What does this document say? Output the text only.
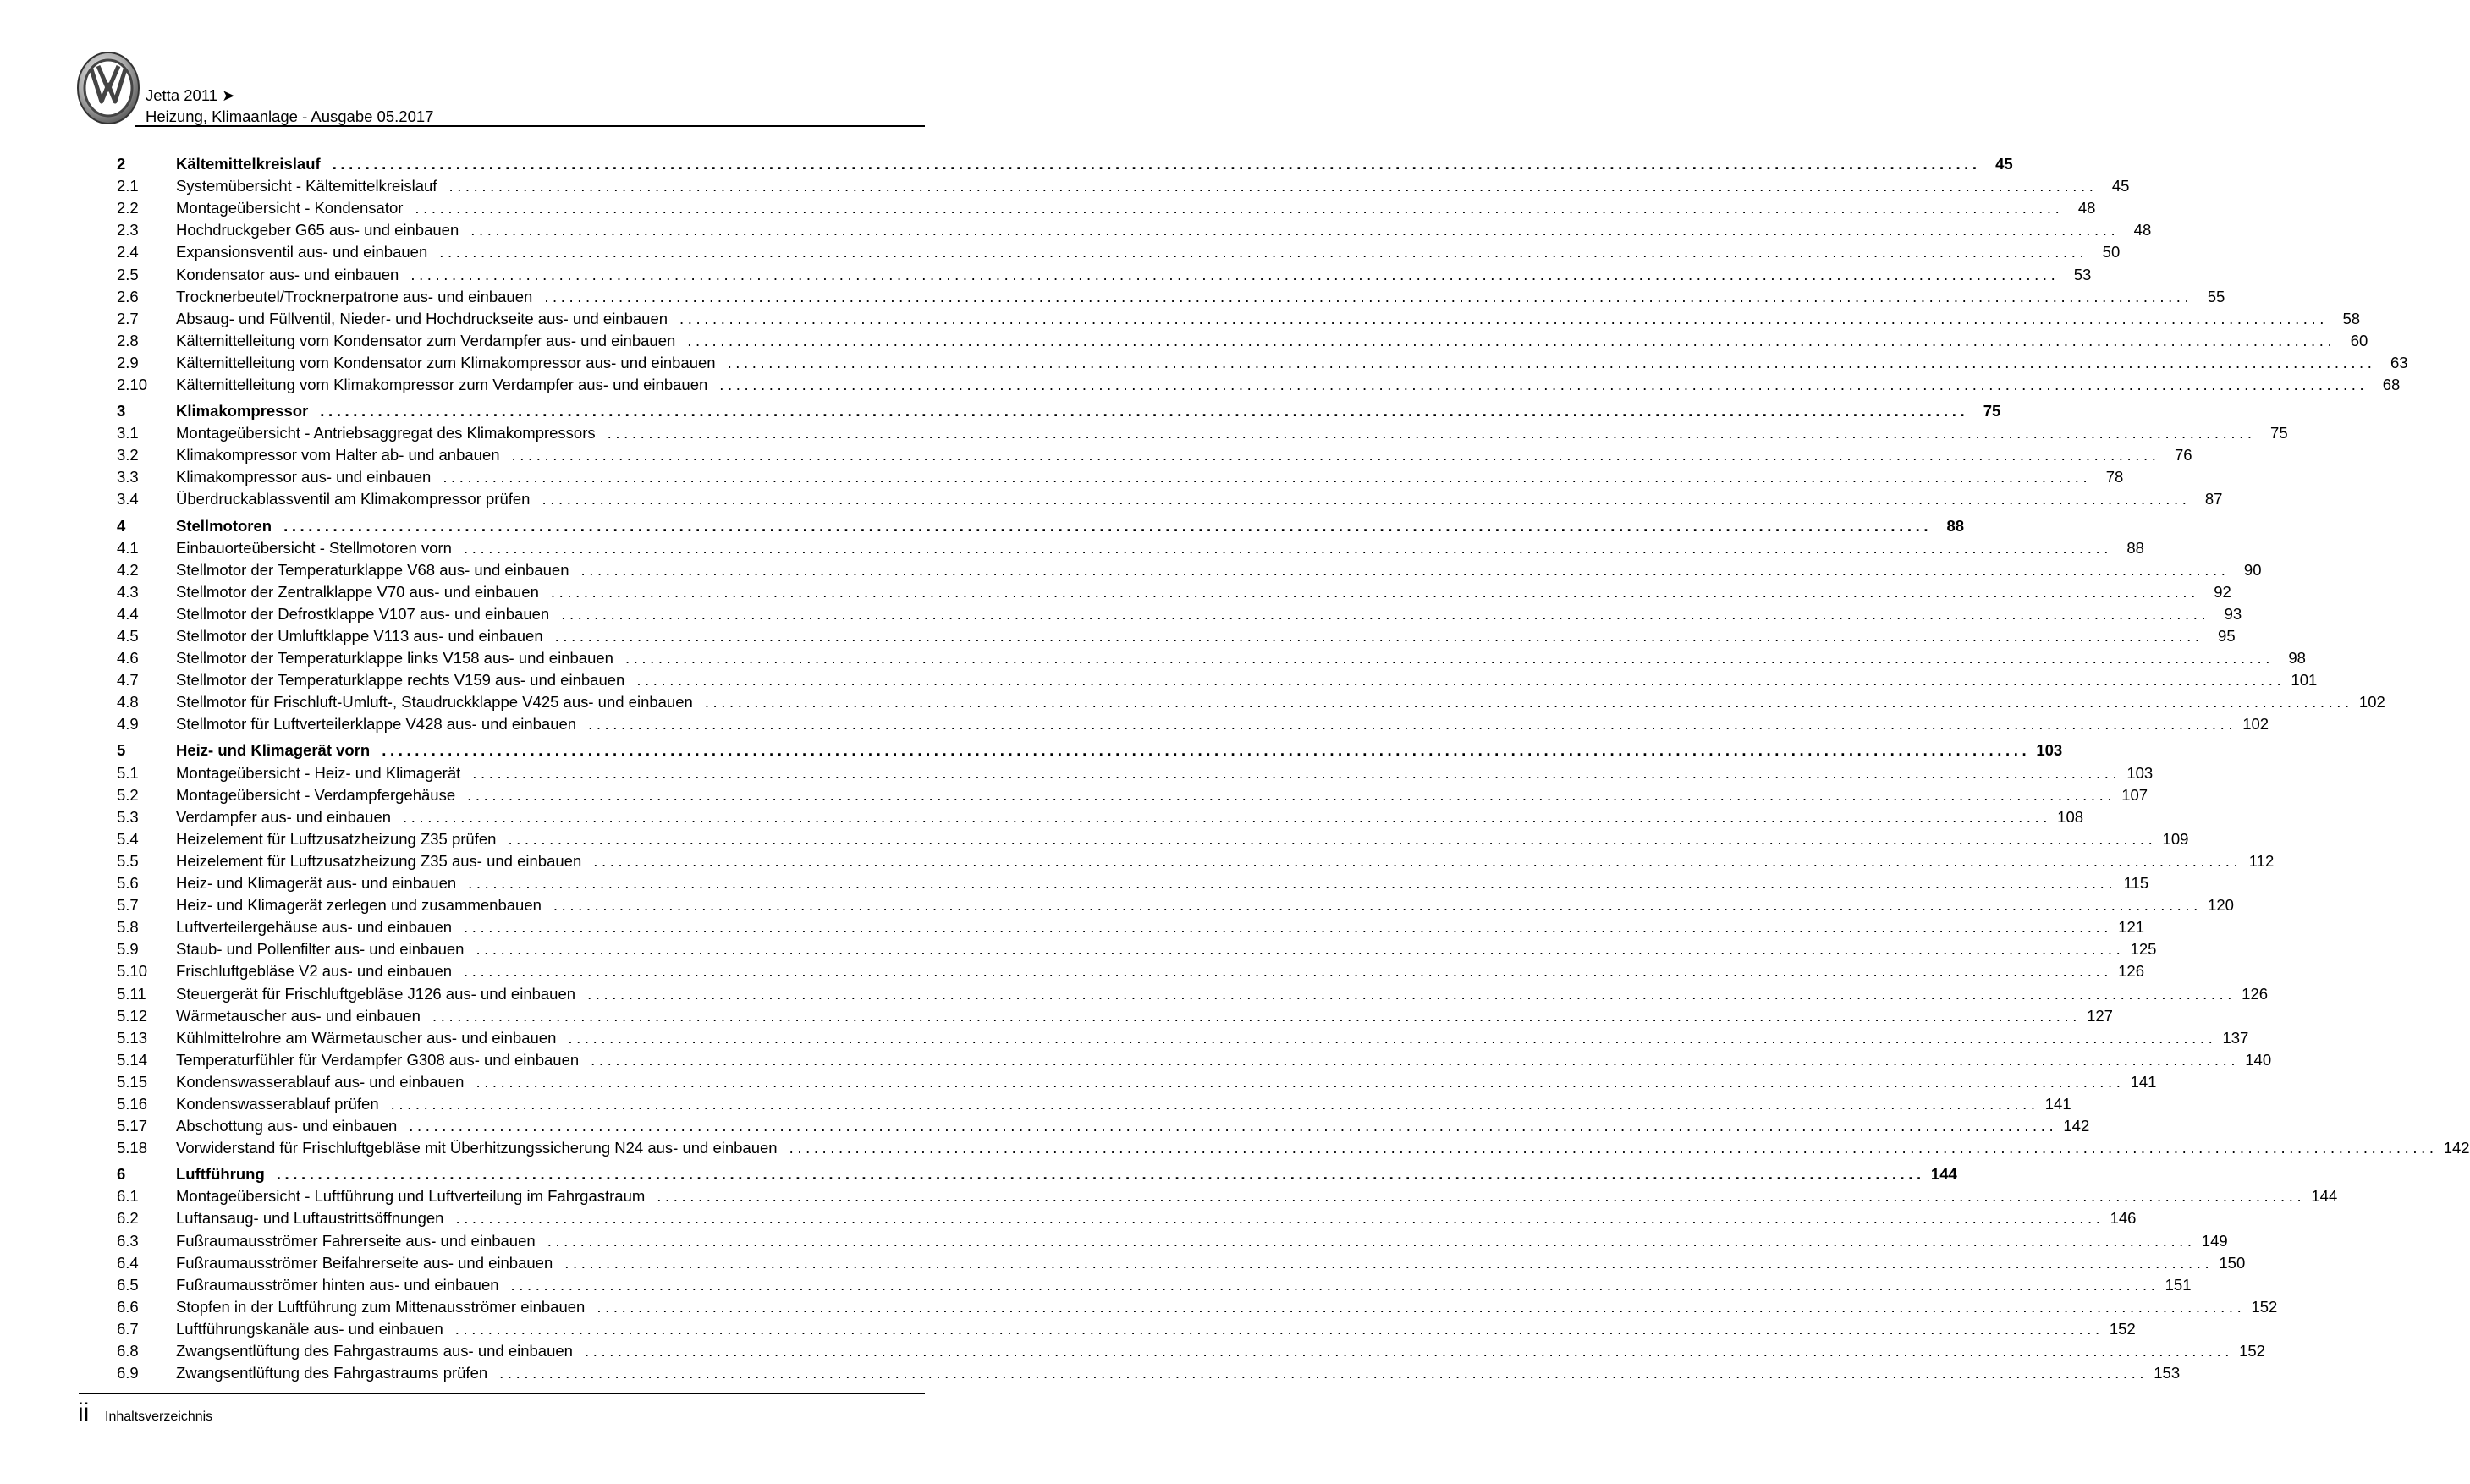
Jetta 2011 ➤
Heizung, Klimaanlage - Ausgabe 05.2017
2	Kältemittelkreislauf ........................................................................................................................................................................................................ 45
2.1	Systemübersicht - Kältemittelkreislauf ........................................................................................................................................................................................................ 45
2.2	Montageübersicht - Kondensator ........................................................................................................................................................................................................ 48
2.3	Hochdruckgeber G65 aus- und einbauen ........................................................................................................................................................................................................ 48
2.4	Expansionsventil aus- und einbauen ........................................................................................................................................................................................................ 50
2.5	Kondensator aus- und einbauen ........................................................................................................................................................................................................ 53
2.6	Trocknerbeutel/Trocknerpatrone aus- und einbauen ........................................................................................................................................................................................................ 55
2.7	Absaug- und Füllventil, Nieder- und Hochdruckseite aus- und einbauen ........................................................................................................................................................................................................ 58
2.8	Kältemittelleitung vom Kondensator zum Verdampfer aus- und einbauen ........................................................................................................................................................................................................ 60
2.9	Kältemittelleitung vom Kondensator zum Klimakompressor aus- und einbauen ........................................................................................................................................................................................................ 63
2.10	Kältemittelleitung vom Klimakompressor zum Verdampfer aus- und einbauen ........................................................................................................................................................................................................ 68
3	Klimakompressor ........................................................................................................................................................................................................ 75
3.1	Montageübersicht - Antriebsaggregat des Klimakompressors ........................................................................................................................................................................................................ 75
3.2	Klimakompressor vom Halter ab- und anbauen ........................................................................................................................................................................................................ 76
3.3	Klimakompressor aus- und einbauen ........................................................................................................................................................................................................ 78
3.4	Überdruckablassventil am Klimakompressor prüfen ........................................................................................................................................................................................................ 87
4	Stellmotoren ........................................................................................................................................................................................................ 88
4.1	Einbauorteübersicht - Stellmotoren vorn ........................................................................................................................................................................................................ 88
4.2	Stellmotor der Temperaturklappe V68 aus- und einbauen ........................................................................................................................................................................................................ 90
4.3	Stellmotor der Zentralklappe V70 aus- und einbauen ........................................................................................................................................................................................................ 92
4.4	Stellmotor der Defrostklappe V107 aus- und einbauen ........................................................................................................................................................................................................ 93
4.5	Stellmotor der Umluftklappe V113 aus- und einbauen ........................................................................................................................................................................................................ 95
4.6	Stellmotor der Temperaturklappe links V158 aus- und einbauen ........................................................................................................................................................................................................ 98
4.7	Stellmotor der Temperaturklappe rechts V159 aus- und einbauen ........................................................................................................................................................................................................ 101
4.8	Stellmotor für Frischluft-Umluft-, Staudruckklappe V425 aus- und einbauen ........................................................................................................................................................................................................ 102
4.9	Stellmotor für Luftverteilerklappe V428 aus- und einbauen ........................................................................................................................................................................................................ 102
5	Heiz- und Klimagerät vorn ........................................................................................................................................................................................................ 103
5.1	Montageübersicht - Heiz- und Klimagerät ........................................................................................................................................................................................................ 103
5.2	Montageübersicht - Verdampfergehäuse ........................................................................................................................................................................................................ 107
5.3	Verdampfer aus- und einbauen ........................................................................................................................................................................................................ 108
5.4	Heizelement für Luftzusatzheizung Z35 prüfen ........................................................................................................................................................................................................ 109
5.5	Heizelement für Luftzusatzheizung Z35 aus- und einbauen ........................................................................................................................................................................................................ 112
5.6	Heiz- und Klimagerät aus- und einbauen ........................................................................................................................................................................................................ 115
5.7	Heiz- und Klimagerät zerlegen und zusammenbauen ........................................................................................................................................................................................................ 120
5.8	Luftverteilergehäuse aus- und einbauen ........................................................................................................................................................................................................ 121
5.9	Staub- und Pollenfilter aus- und einbauen ........................................................................................................................................................................................................ 125
5.10	Frischluftgebläse V2 aus- und einbauen ........................................................................................................................................................................................................ 126
5.11	Steuergerät für Frischluftgebläse J126 aus- und einbauen ........................................................................................................................................................................................................ 126
5.12	Wärmetauscher aus- und einbauen ........................................................................................................................................................................................................ 127
5.13	Kühlmittelrohre am Wärmetauscher aus- und einbauen ........................................................................................................................................................................................................ 137
5.14	Temperaturfühler für Verdampfer G308 aus- und einbauen ........................................................................................................................................................................................................ 140
5.15	Kondenswasserablauf aus- und einbauen ........................................................................................................................................................................................................ 141
5.16	Kondenswasserablauf prüfen ........................................................................................................................................................................................................ 141
5.17	Abschottung aus- und einbauen ........................................................................................................................................................................................................ 142
5.18	Vorwiderstand für Frischluftgebläse mit Überhitzungssicherung N24 aus- und einbauen ........................................................................................................................................................................................................ 142
6	Luftführung ........................................................................................................................................................................................................ 144
6.1	Montageübersicht - Luftführung und Luftverteilung im Fahrgastraum ........................................................................................................................................................................................................ 144
6.2	Luftansaug- und Luftaustrittsöffnungen ........................................................................................................................................................................................................ 146
6.3	Fußraumausströmer Fahrerseite aus- und einbauen ........................................................................................................................................................................................................ 149
6.4	Fußraumausströmer Beifahrerseite aus- und einbauen ........................................................................................................................................................................................................ 150
6.5	Fußraumausströmer hinten aus- und einbauen ........................................................................................................................................................................................................ 151
6.6	Stopfen in der Luftführung zum Mittenausströmer einbauen ........................................................................................................................................................................................................ 152
6.7	Luftführungskanäle aus- und einbauen ........................................................................................................................................................................................................ 152
6.8	Zwangsentlüftung des Fahrgastraums aus- und einbauen ........................................................................................................................................................................................................ 152
6.9	Zwangsentlüftung des Fahrgastraums prüfen ........................................................................................................................................................................................................ 153
ii Inhaltsverzeichnis
